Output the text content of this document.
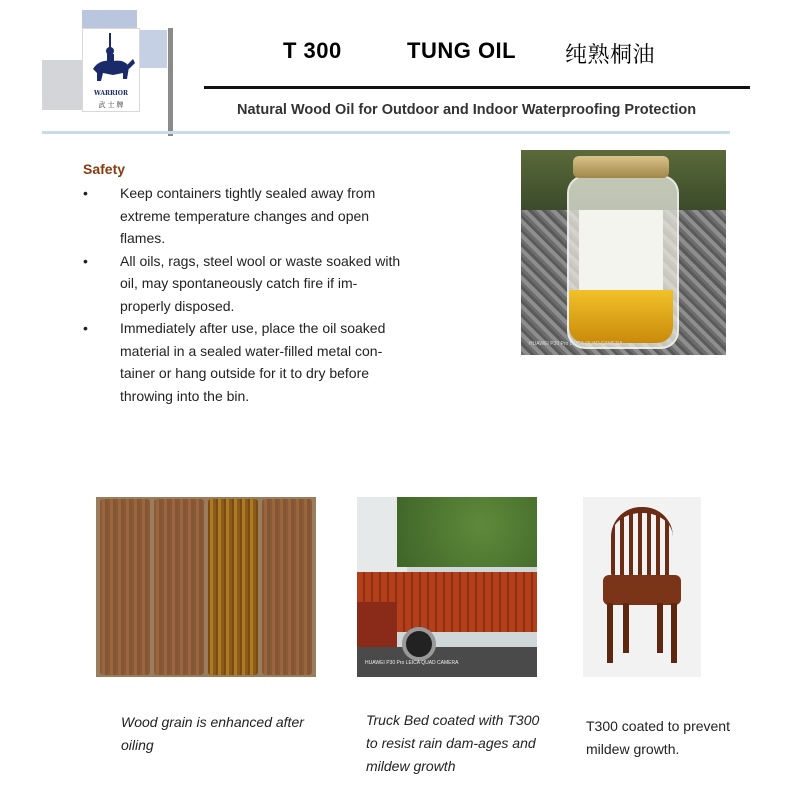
WARRIOR
武 士 牌
T 300	TUNG OIL 纯熟桐油
Natural Wood Oil for Outdoor and Indoor Waterproofing Protection
Safety
• Keep containers tightly sealed away from extreme temperature changes and open flames.
• All oils, rags, steel wool or waste soaked with oil, may spontaneously catch fire if im-properly disposed.
• Immediately after use, place the oil soaked material in a sealed water-filled metal con-tainer or hang outside for it to dry before throwing into the bin.
HUAWEI P30 Pro LEICA QUAD CAMERA
HUAWEI P30 Pro LEICA QUAD CAMERA
Wood grain is enhanced after oiling
Truck Bed coated with T300 to resist rain dam-ages and mildew growth
T300 coated to prevent mildew growth.
